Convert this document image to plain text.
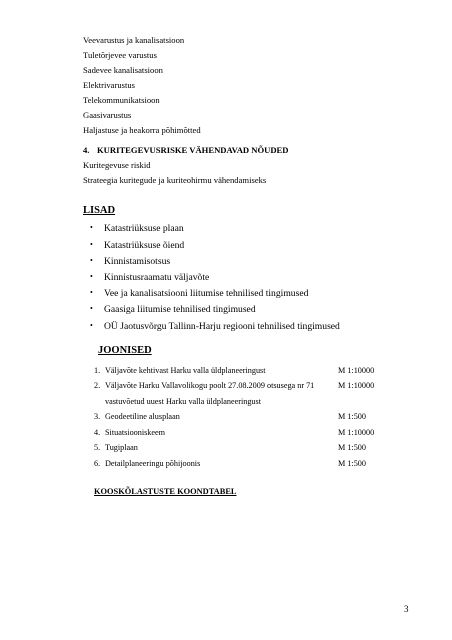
Veevarustus ja kanalisatsioon
Tuletõrjevee varustus
Sadevee kanalisatsioon
Elektrivarustus
Telekommunikatsioon
Gaasivarustus
Haljastuse ja heakorra põhimõtted
4. KURITEGEVUSRISKE VÄHENDAVAD NÕUDED
Kuritegevuse riskid
Strateegia kuritegude ja kuriteohirmu vähendamiseks
LISAD
• Katastriüksuse plaan
• Katastriüksuse õiend
• Kinnistamisotsus
• Kinnistusraamatu väljavõte
• Vee ja kanalisatsiooni liitumise tehnilised tingimused
• Gaasiga liitumise tehnilised tingimused
• OÜ Jaotusvõrgu Tallinn-Harju regiooni tehnilised tingimused
JOONISED
1. Väljavõte kehtivast Harku valla üldplaneeringust	M 1:10000
2. Väljavõte Harku Vallavolikogu poolt 27.08.2009 otsusega nr 71	M 1:10000
vastuvõetud uuest Harku valla üldplaneeringust
3. Geodeetiline alusplaan	M 1:500
4. Situatsiooniskeem	M 1:10000
5. Tugiplaan	M 1:500
6. Detailplaneeringu põhijoonis	M 1:500
KOOSKÕLASTUSTE KOONDTABEL
3
